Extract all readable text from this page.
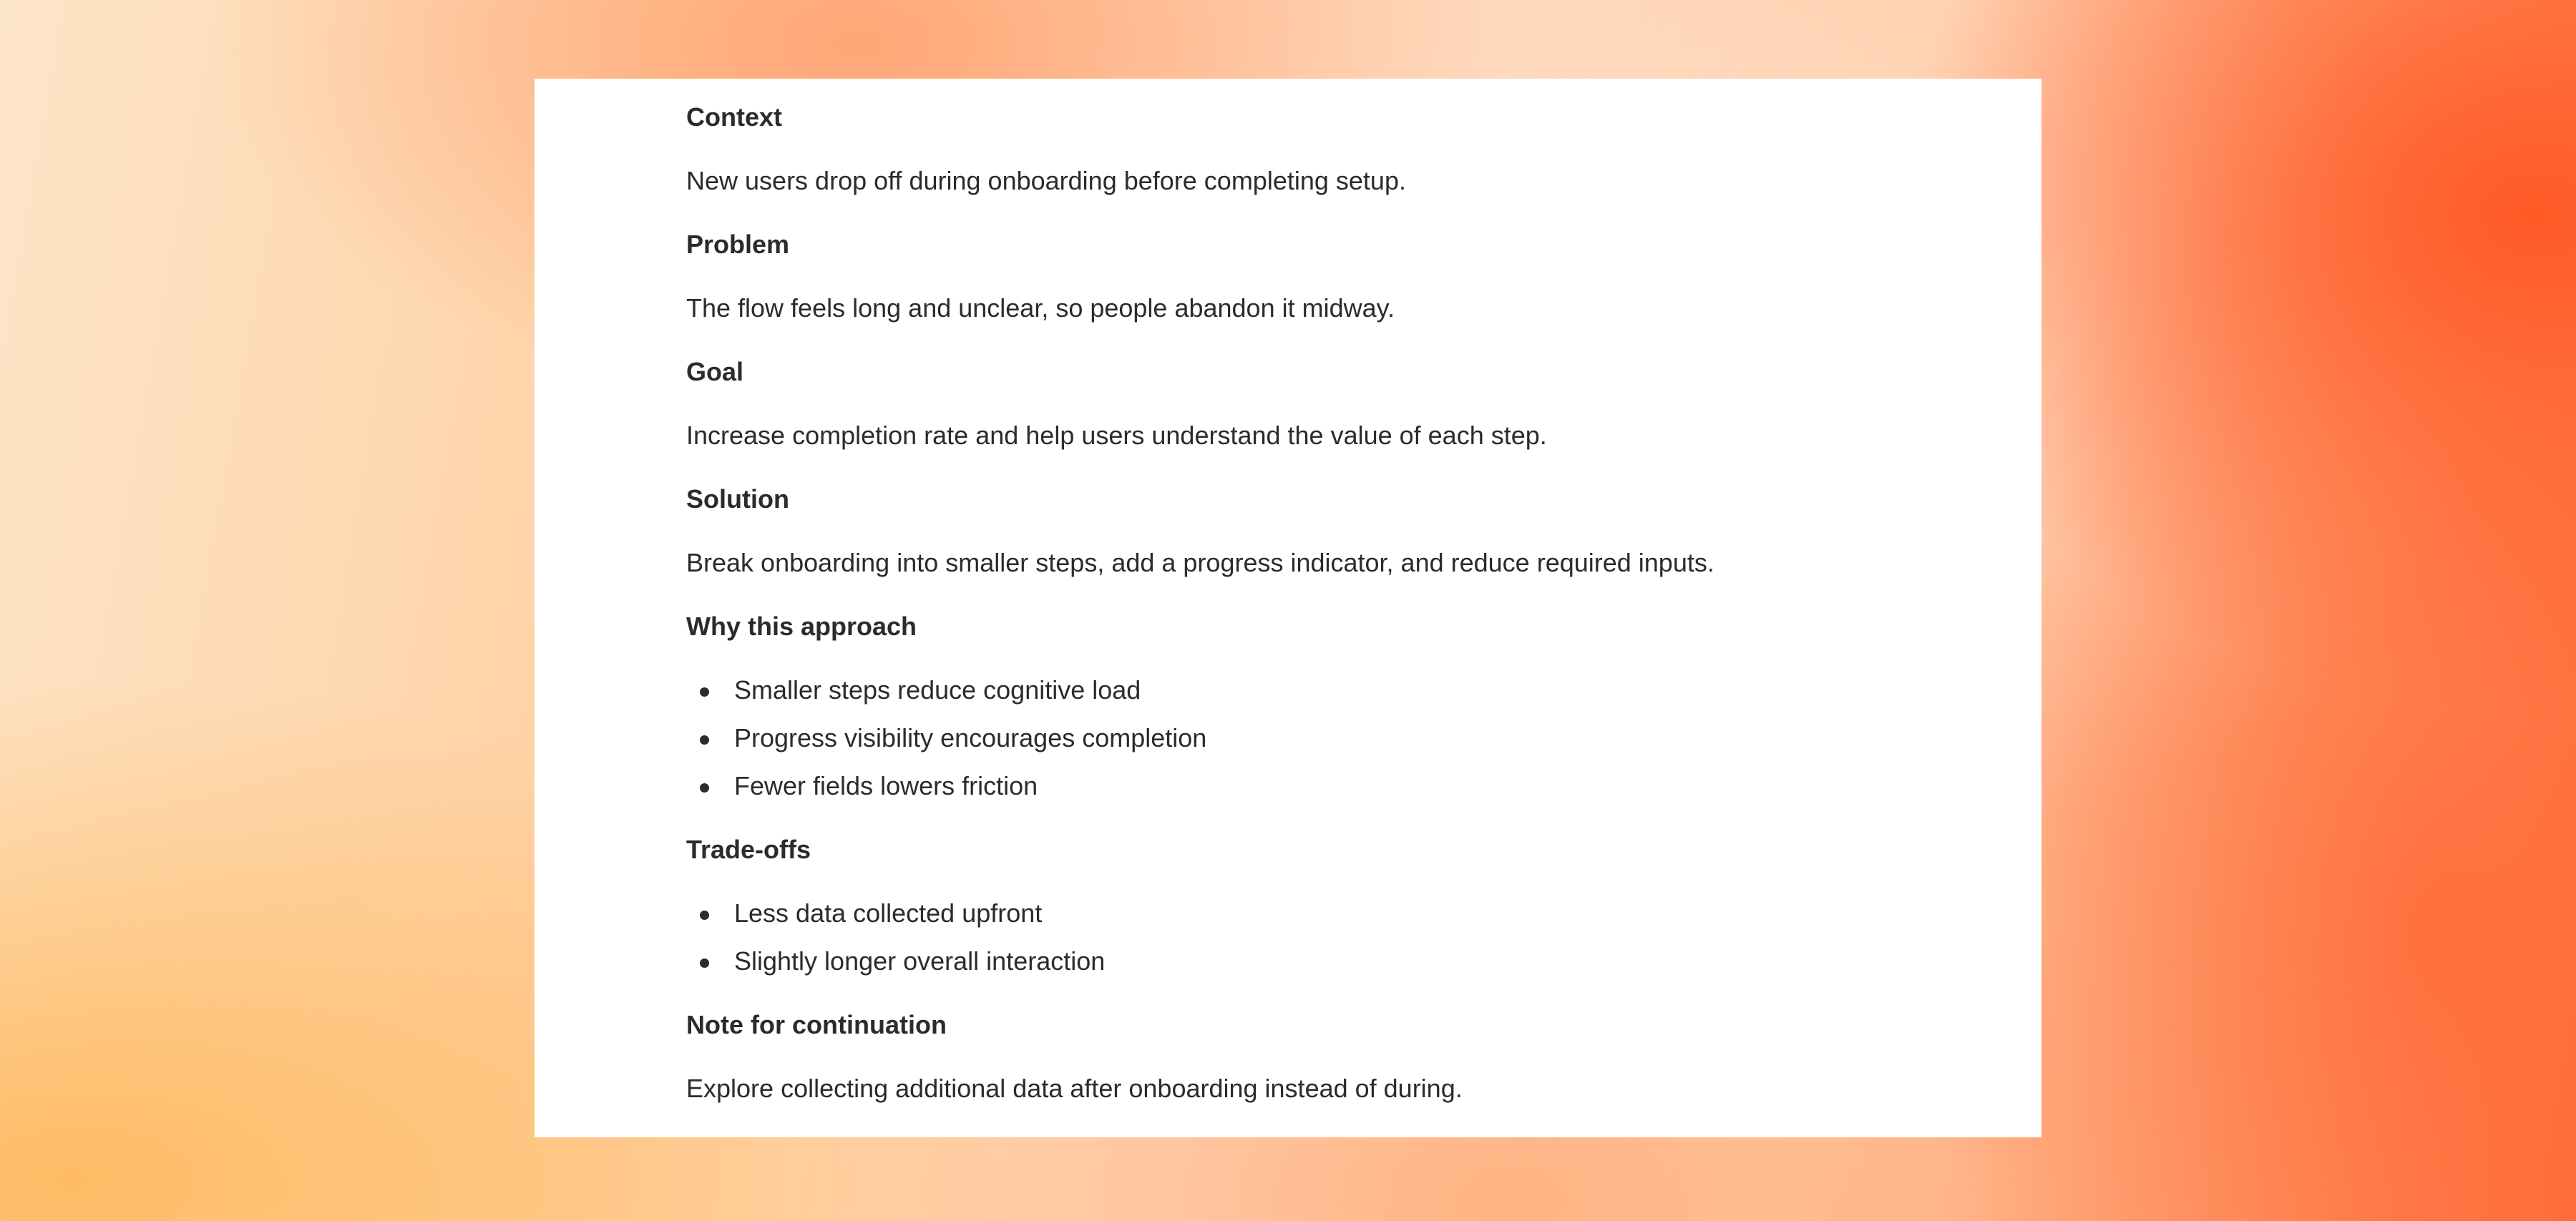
Context
New users drop off during onboarding before completing setup.
Problem
The flow feels long and unclear, so people abandon it midway.
Goal
Increase completion rate and help users understand the value of each step.
Solution
Break onboarding into smaller steps, add a progress indicator, and reduce required inputs.
Why this approach
Smaller steps reduce cognitive load
Progress visibility encourages completion
Fewer fields lowers friction
Trade-offs
Less data collected upfront
Slightly longer overall interaction
Note for continuation
Explore collecting additional data after onboarding instead of during.
